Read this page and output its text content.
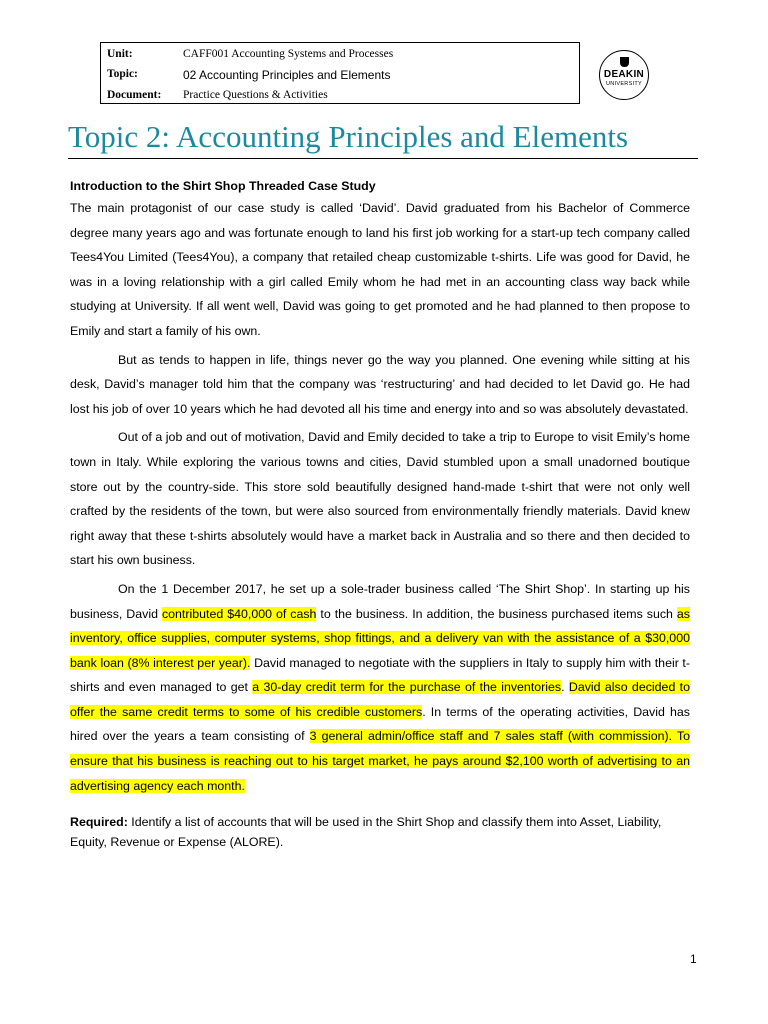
Unit:	CAFF001 Accounting Systems and Processes
Topic:	02 Accounting Principles and Elements
Document: Practice Questions & Activities
DEAKIN
UNIVERSITY
Topic 2: Accounting Principles and Elements

Introduction to the Shirt Shop Threaded Case Study

The main protagonist of our case study is called ‘David’. David graduated from his Bachelor of Commerce degree many years ago and was fortunate enough to land his first job working for a start-up tech company called Tees4You Limited (Tees4You), a company that retailed cheap customizable t-shirts. Life was good for David, he was in a loving relationship with a girl called Emily whom he had met in an accounting class way back while studying at University. If all went well, David was going to get promoted and he had planned to then propose to Emily and start a family of his own.

But as tends to happen in life, things never go the way you planned. One evening while sitting at his desk, David’s manager told him that the company was ‘restructuring’ and had decided to let David go. He had lost his job of over 10 years which he had devoted all his time and energy into and so was absolutely devastated.

Out of a job and out of motivation, David and Emily decided to take a trip to Europe to visit Emily’s home town in Italy. While exploring the various towns and cities, David stumbled upon a small unadorned boutique store out by the country-side. This store sold beautifully designed hand-made t-shirt that were not only well crafted by the residents of the town, but were also sourced from environmentally friendly materials. David knew right away that these t-shirts absolutely would have a market back in Australia and so there and then decided to start his own business.

On the 1 December 2017, he set up a sole-trader business called ‘The Shirt Shop’. In starting up his business, David contributed $40,000 of cash to the business. In addition, the business purchased items such as inventory, office supplies, computer systems, shop fittings, and a delivery van with the assistance of a $30,000 bank loan (8% interest per year). David managed to negotiate with the suppliers in Italy to supply him with their t-shirts and even managed to get a 30-day credit term for the purchase of the inventories. David also decided to offer the same credit terms to some of his credible customers. In terms of the operating activities, David has hired over the years a team consisting of 3 general admin/office staff and 7 sales staff (with commission). To ensure that his business is reaching out to his target market, he pays around $2,100 worth of advertising to an advertising agency each month.

Required: Identify a list of accounts that will be used in the Shirt Shop and classify them into Asset, Liability, Equity, Revenue or Expense (ALORE).

1
